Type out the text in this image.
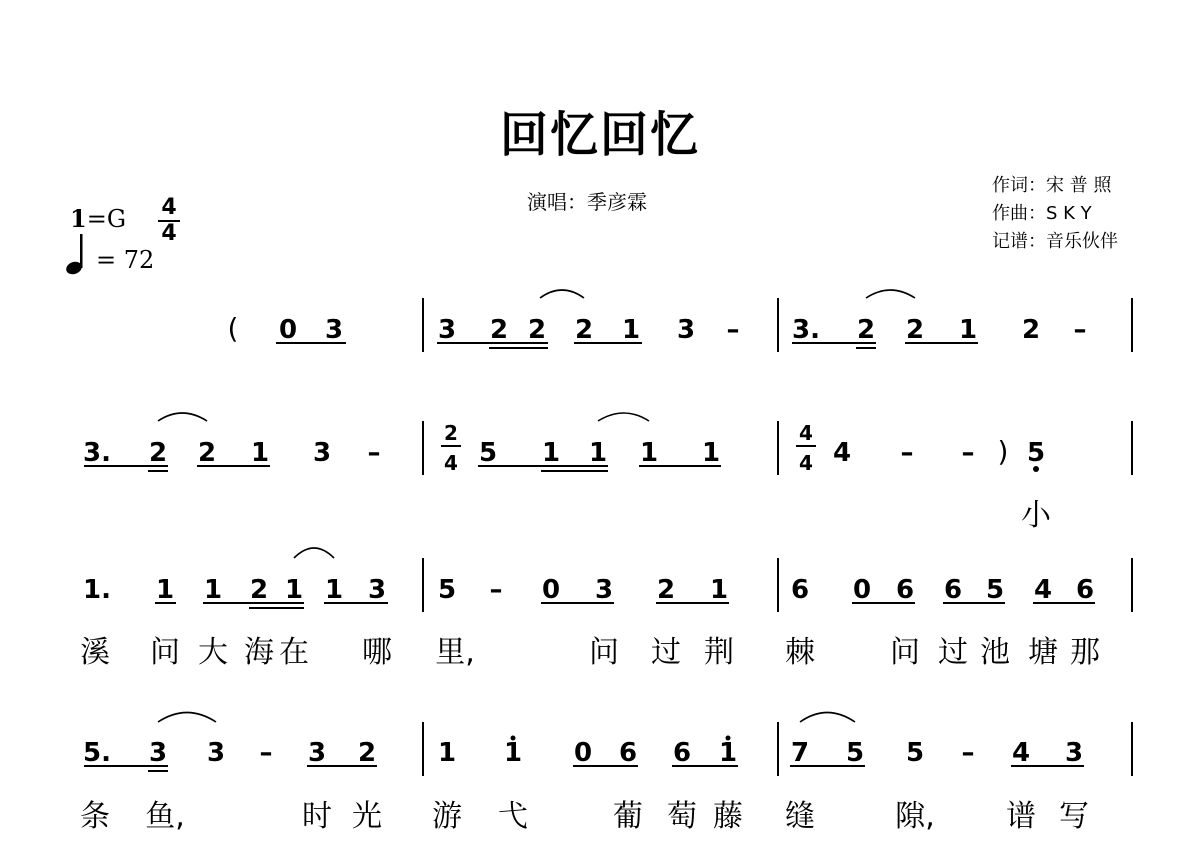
回忆回忆
演唱：季彦霖
作词：宋 普 照
作曲：S K Y
记谱：音乐伙伴
1=G 4
4
= 72
2
4
4
4
( 0 3	3 2 2 2 1 3 – 3. 2 2 1 2 –
3. 2 2 1 3 –	5 1 1 1 1	4 – – ) 5
1. 1 1 2 1 1 3 5 – 0 3 2 1 6 0 6 6 5 4 6
5. 3 3 – 3 2 1 1 0 6 6 1 7 5 5 – 4 3
小
溪 问 大 海 在 哪 里,	问 过 荆 棘	问 过 池 塘 那
条 鱼,	时 光 游 弋	葡 萄 藤 缝	隙, 谱 写
